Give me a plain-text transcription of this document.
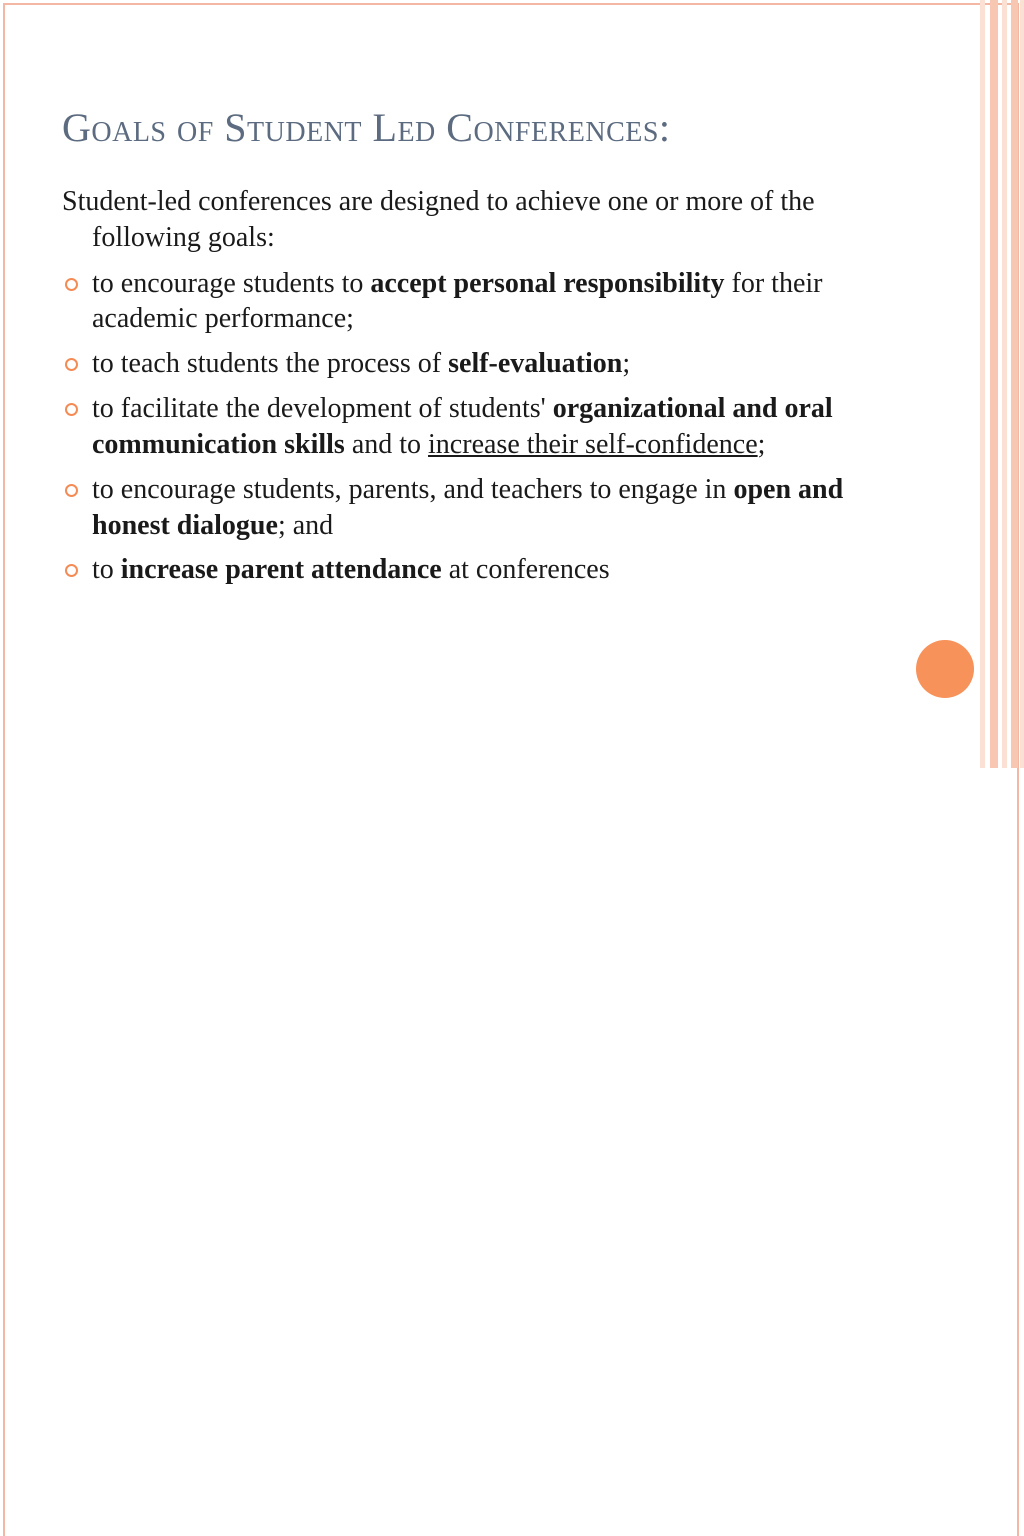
Goals of Student Led Conferences:

Student-led conferences are designed to achieve one or more of the following goals:

to encourage students to accept personal responsibility for their academic performance;
to teach students the process of self-evaluation;
to facilitate the development of students' organizational and oral communication skills and to increase their self-confidence;
to encourage students, parents, and teachers to engage in open and honest dialogue; and
to increase parent attendance at conferences
